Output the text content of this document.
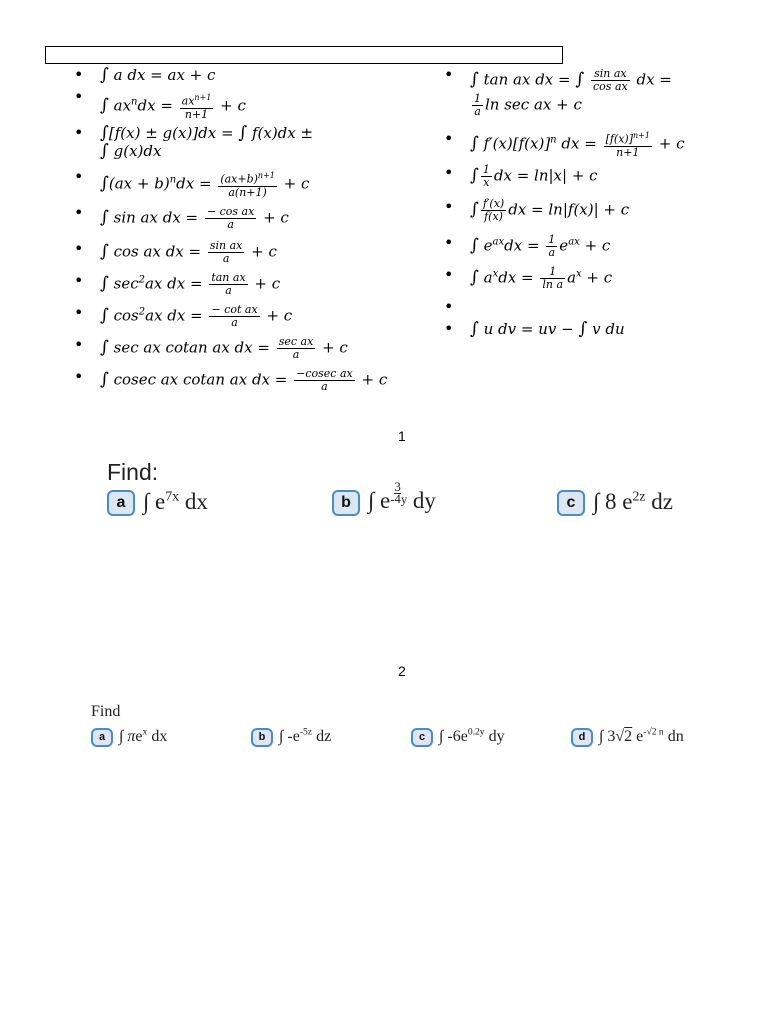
• ∫ a dx = ax + c
• ∫ $ax^ndx = ax^{n+1}$
n+1 + c
• ∫[f(x) ± g(x)]dx = ∫ f(x)dx ±
∫ g(x)dx
• $\int(ax + b)^ndx = \frac{(ax+b)^{n+1}}{a(n+1)} + c$
• ∫ sin ax dx = $\frac{\text{− cos ax}}{a} + c$
• ∫ cos ax dx = $\frac{\text{sin ax}}{a} + c$
• ∫ $\sec^2ax$ dx = $\frac{\text{tan ax}}{a} + c$
• ∫ $\cos^2ax$ dx = $\frac{\text{− cot ax}}{a} + c$
• ∫ sec ax cotan ax dx = sec ax
a	+ c
• ∫ cosec ax cotan ax dx = $\frac{\text{−cosec ax}}{a} + c$
• ∫ tan ax dx = ∫ $\frac{\text{sin ax}}{\text{cos ax}}$ dx =

$\frac{1}{a}$ ln sec ax + c
• ∫ $f'(x)[f(x)]^n$ dx = $\frac{[f(x)]^{n+1}}{n+1} + c$
• ∫ $\frac{1}{x}$ dx = ln|x| + c
• ∫ $\frac{f'(x)}{f(x)}$ dx = ln|f(x)| + c
• ∫ $e^{ax}dx = \frac{1}{a} e^{ax} + c$
• ∫ $a^xdx = \frac{1}{\text{ln a}} a^x + c$
•
• ∫ u dv = uv − ∫ v du
1
Find:
a ∫ $e^{7x}$ dx	b ∫ $e- \frac{3}{4}$ y dy	c ∫ 8 $e^{2z}$ dz
2
Find
a ∫ $\pi e^x$ dx	b ∫ $-e^{-5z}$ dz	c ∫ $-6e^{0.2y}$ dy	d ∫ 3√2 $e^{-√2 n}$ dn
